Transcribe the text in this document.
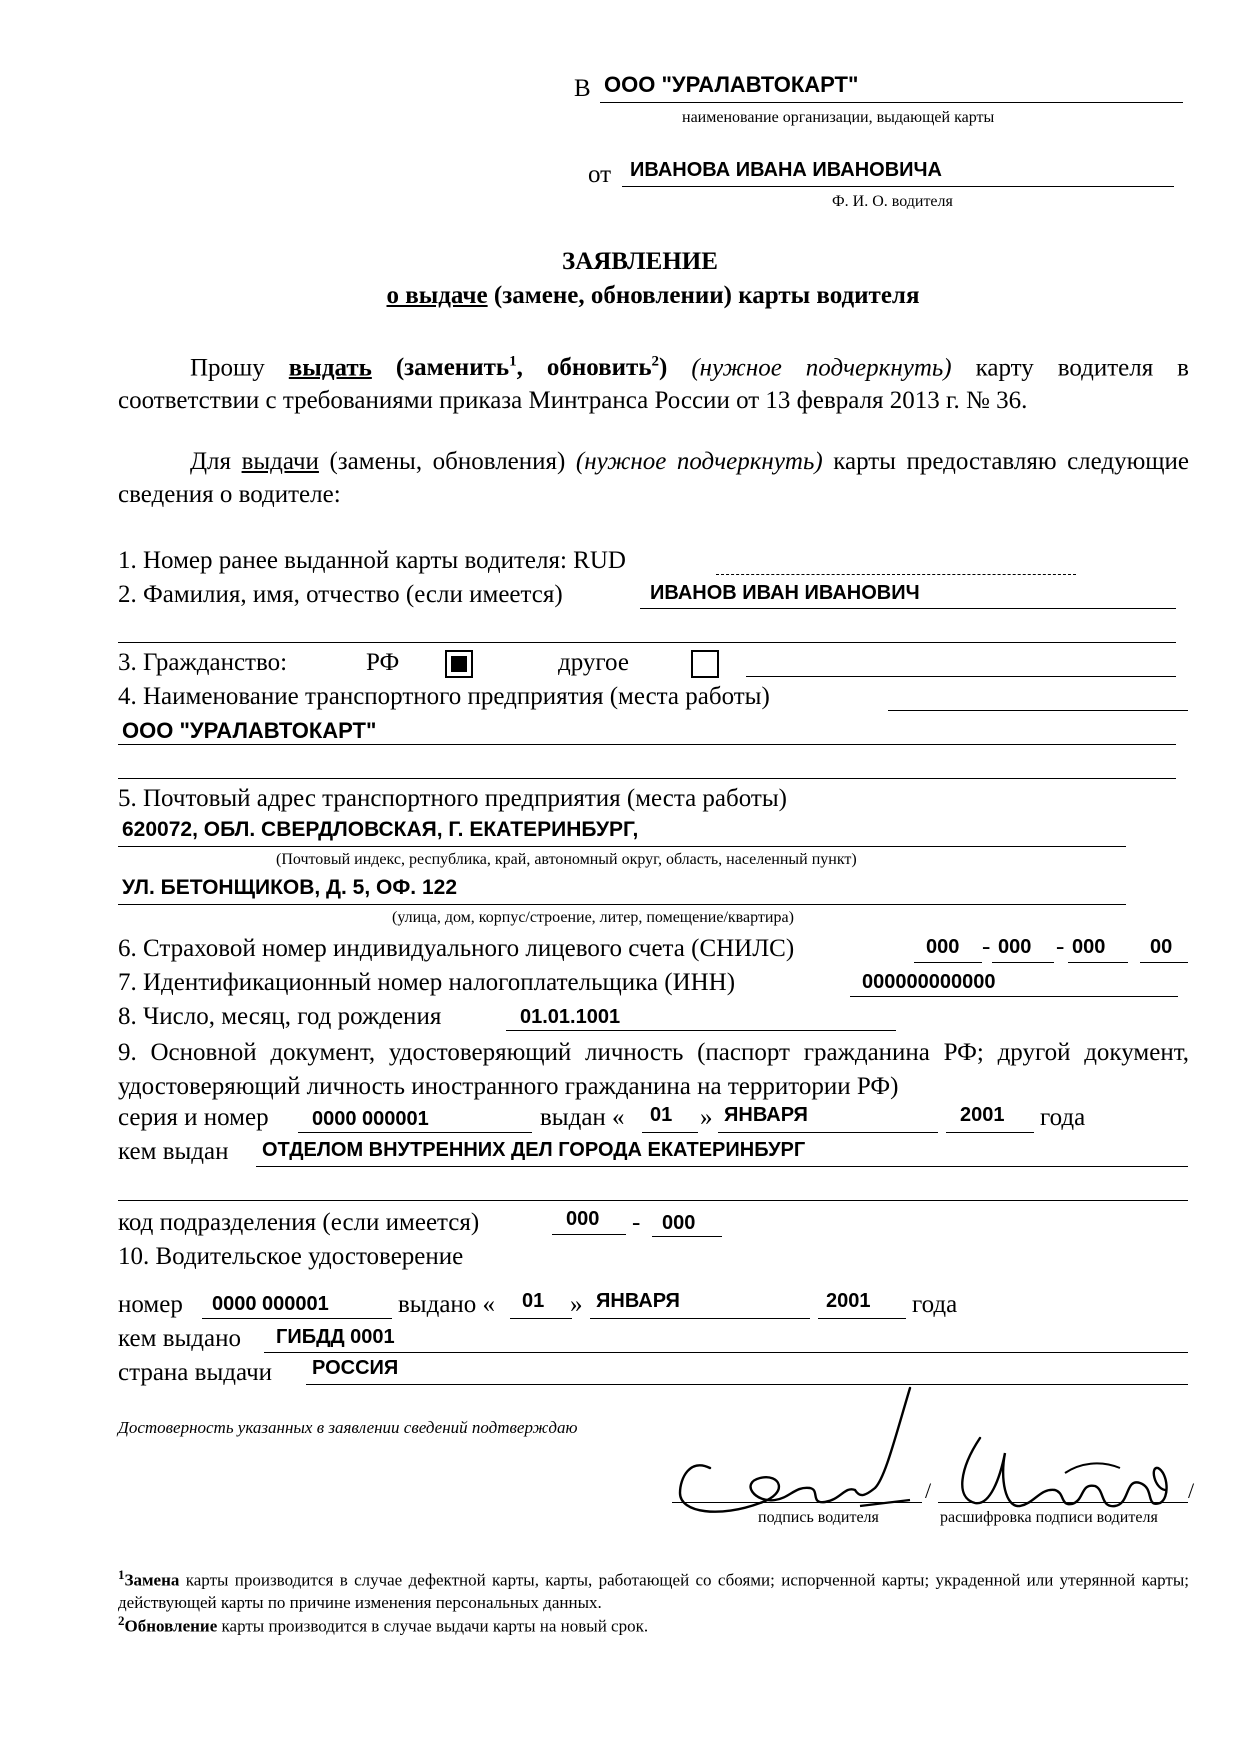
В ООО "УРАЛАВТОКАРТ"
наименование организации, выдающей карты
от ИВАНОВА ИВАНА ИВАНОВИЧА
Ф. И. О. водителя
ЗАЯВЛЕНИЕ
о выдаче (замене, обновлении) карты водителя
Прошу выдать (заменить$^1$, обновить$^2$) (нужное подчеркнуть) карту водителя в соответствии с требованиями приказа Минтранса России от 13 февраля 2013 г. № 36.
Для выдачи (замены, обновления) (нужное подчеркнуть) карты предоставляю следующие сведения о водителе:
1. Номер ранее выданной карты водителя: RUD
2. Фамилия, имя, отчество (если имеется)	ИВАНОВ ИВАН ИВАНОВИЧ
3. Гражданство:	РФ	другое
4. Наименование транспортного предприятия (места работы)
ООО "УРАЛАВТОКАРТ"
5. Почтовый адрес транспортного предприятия (места работы)
620072, ОБЛ. СВЕРДЛОВСКАЯ, Г. ЕКАТЕРИНБУРГ,
(Почтовый индекс, республика, край, автономный округ, область, населенный пункт)
УЛ. БЕТОНЩИКОВ, Д. 5, ОФ. 122
(улица, дом, корпус/строение, литер, помещение/квартира)
6. Страховой номер индивидуального лицевого счета (СНИЛС)	000 - 000 - 000 00
7. Идентификационный номер налогоплательщика (ИНН)	000000000000
8. Число, месяц, год рождения	01.01.1001
9. Основной документ, удостоверяющий личность (паспорт гражданина РФ; другой документ, удостоверяющий личность иностранного гражданина на территории РФ)
серия и номер 0000 000001	выдан « 01 » ЯНВАРЯ	2001 года
кем выдан ОТДЕЛОМ ВНУТРЕННИХ ДЕЛ ГОРОДА ЕКАТЕРИНБУРГ
код подразделения (если имеется)	000 - 000
10. Водительское удостоверение
номер 0000 000001	выдано « 01 » ЯНВАРЯ	2001 года
кем выдано ГИБДД 0001
страна выдачи РОССИЯ
Достоверность указанных в заявлении сведений подтверждаю
/	/
подпись водителя	расшифровка подписи водителя
$^1$Замена карты производится в случае дефектной карты, карты, работающей со сбоями; испорченной карты; украденной или утерянной карты; действующей карты по причине изменения персональных данных.
$^2$Обновление карты производится в случае выдачи карты на новый срок.
